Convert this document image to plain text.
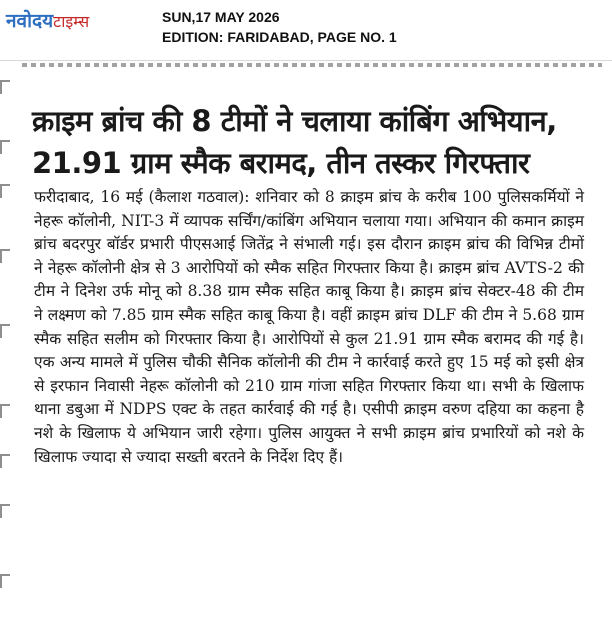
नवोदयटाइम्स	SUN,17 MAY 2026
EDITION: FARIDABAD, PAGE NO. 1
क्राइम ब्रांच की 8 टीमों ने चलाया कांबिंग अभियान,
21.91 ग्राम स्मैक बरामद, तीन तस्कर गिरफ्तार

फरीदाबाद, 16 मई (कैलाश गठवाल): शनिवार को 8 क्राइम ब्रांच के करीब 100 पुलिसकर्मियों ने नेहरू कॉलोनी, NIT-3 में व्यापक सर्चिंग/कांबिंग अभियान चलाया गया। अभियान की कमान क्राइम ब्रांच बदरपुर बॉर्डर प्रभारी पीएसआई जितेंद्र ने संभाली गई। इस दौरान क्राइम ब्रांच की विभिन्न टीमों ने नेहरू कॉलोनी क्षेत्र से 3 आरोपियों को स्मैक सहित गिरफ्तार किया है। क्राइम ब्रांच AVTS-2 की टीम ने दिनेश उर्फ मोनू को 8.38 ग्राम स्मैक सहित काबू किया है। क्राइम ब्रांच सेक्टर-48 की टीम ने लक्ष्मण को 7.85 ग्राम स्मैक सहित काबू किया है। वहीं क्राइम ब्रांच DLF की टीम ने 5.68 ग्राम स्मैक सहित सलीम को गिरफ्तार किया है। आरोपियों से कुल 21.91 ग्राम स्मैक बरामद की गई है। एक अन्य मामले में पुलिस चौकी सैनिक कॉलोनी की टीम ने कार्रवाई करते हुए 15 मई को इसी क्षेत्र से इरफान निवासी नेहरू कॉलोनी को 210 ग्राम गांजा सहित गिरफ्तार किया था। सभी के खिलाफ थाना डबुआ में NDPS एक्ट के तहत कार्रवाई की गई है। एसीपी क्राइम वरुण दहिया का कहना है नशे के खिलाफ ये अभियान जारी रहेगा। पुलिस आयुक्त ने सभी क्राइम ब्रांच प्रभारियों को नशे के खिलाफ ज्यादा से ज्यादा सख्ती बरतने के निर्देश दिए हैं।
